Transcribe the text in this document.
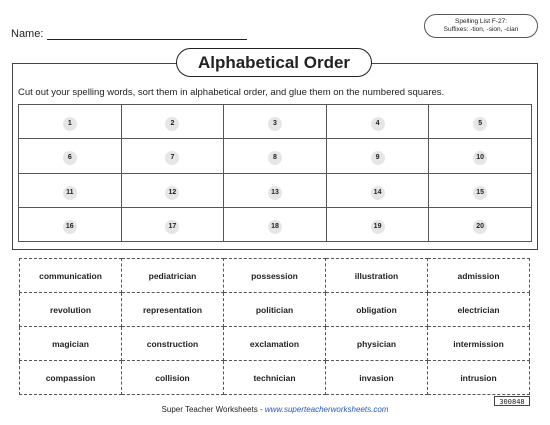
Name:
Spelling List F-27:
Suffixes: -tion, -sion, -cian
Alphabetical Order
Cut out your spelling words, sort them in alphabetical order, and glue them on the numbered squares.
1	2	3	4	5
6	7	8	9	10
11	12	13	14	15
16	17	18	19	20
communication	pediatrician	possession	illustration	admission
revolution	representation	politician	obligation	electrician
magician	construction	exclamation	physician	intermission
compassion	collision	technician	invasion	intrusion
300848
Super Teacher Worksheets - www.superteacherworksheets.com
